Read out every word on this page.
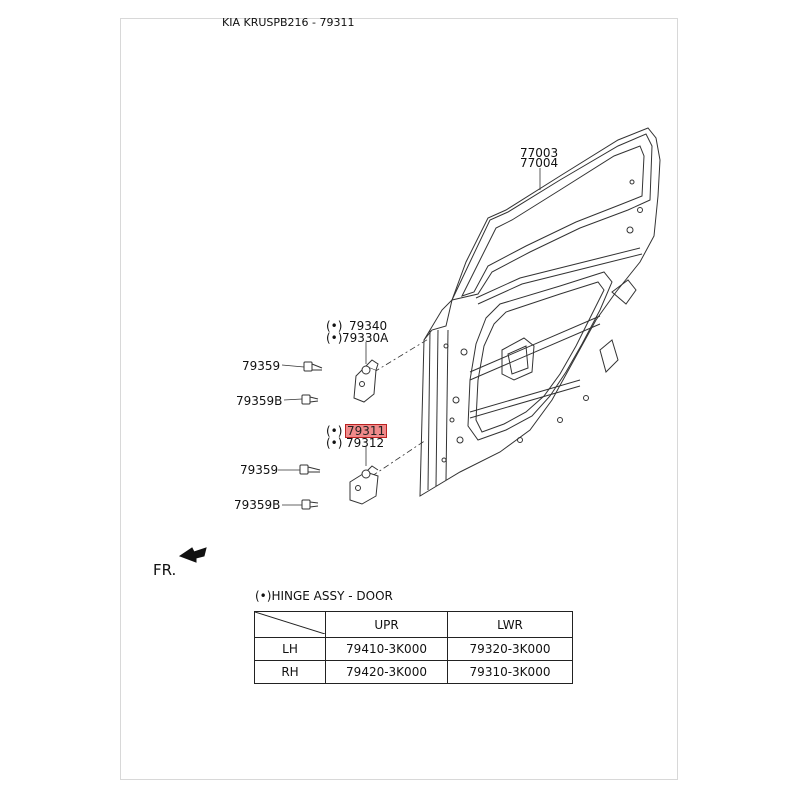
KIA KRUSPB216 - 79311
77003
77004
(•) 79340
(•) 79330A
(•) 79311
(•) 79312
79359
79359B
79359
79359B
FR.
(•)HINGE ASSY - DOOR
	UPR	LWR
LH	79410-3K000	79320-3K000
RH	79420-3K000	79310-3K000
